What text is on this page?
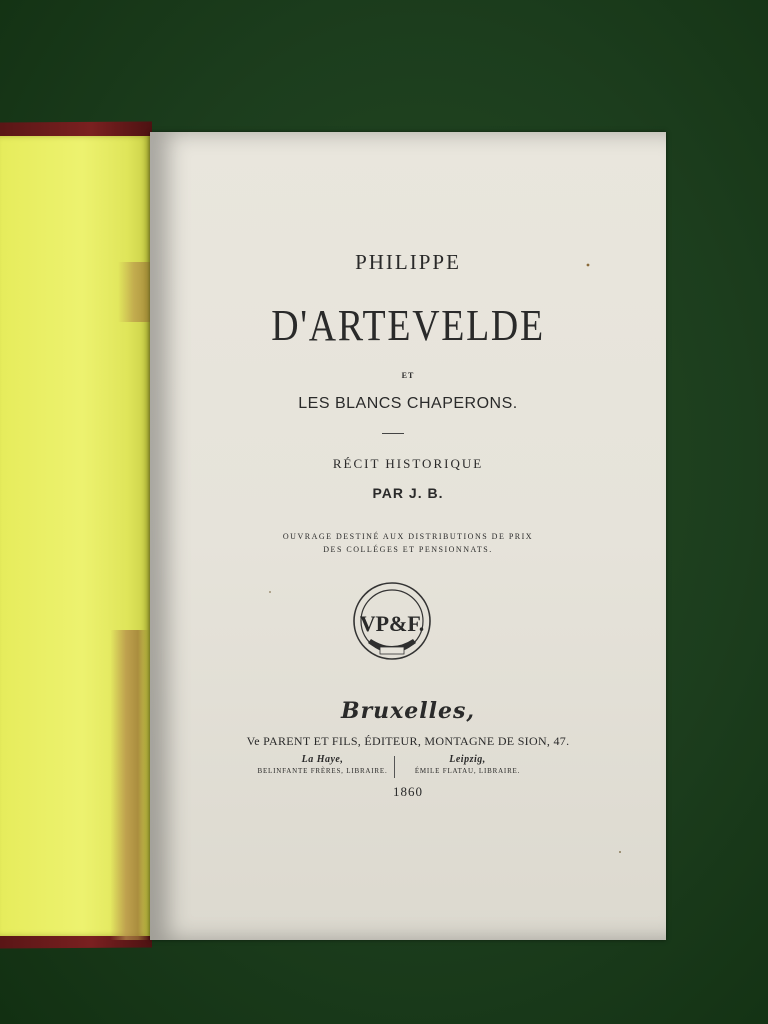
PHILIPPE

D'ARTEVELDE

ET

LES BLANCS CHAPERONS.

RÉCIT HISTORIQUE

PAR J. B.

OUVRAGE DESTINÉ AUX DISTRIBUTIONS DE PRIX
DES COLLÉGES ET PENSIONNATS.
VP&F.

Bruxelles,

Ve PARENT ET FILS, ÉDITEUR, MONTAGNE DE SION, 47.

La Haye,
BELINFANTE FRÈRES, LIBRAIRE.
Leipzig,
ÉMILE FLATAU, LIBRAIRE.

1860
